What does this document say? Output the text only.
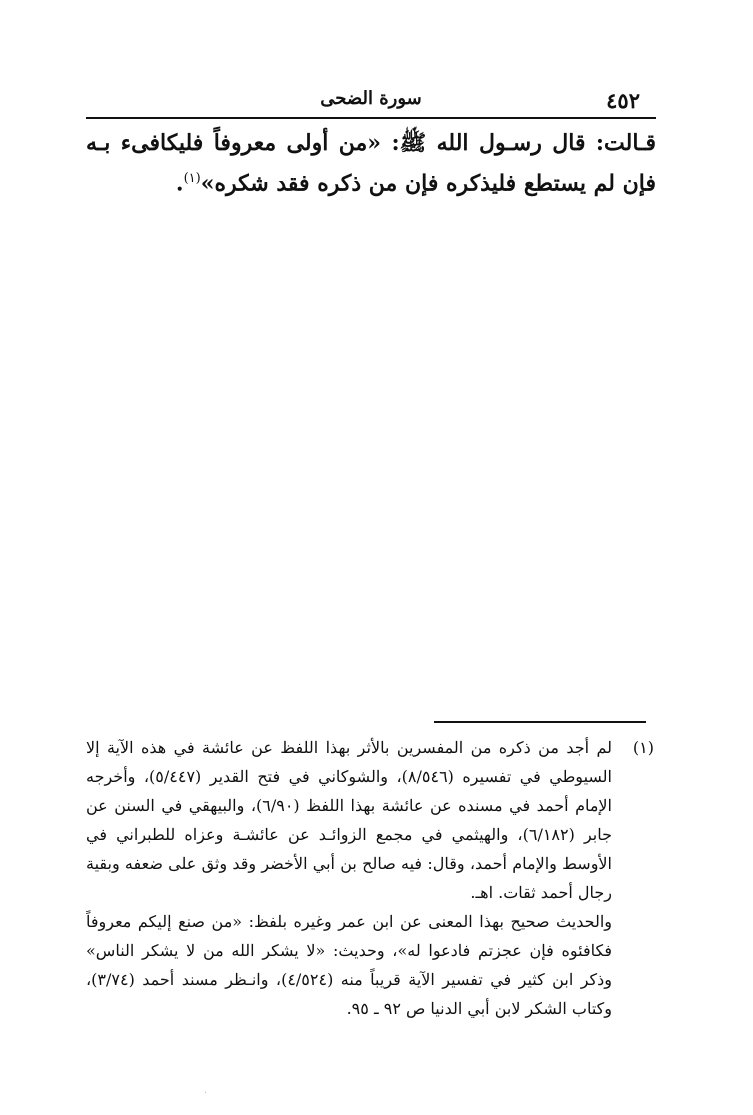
٤٥٢
سورة الضحى
قـالت: قال رسـول الله ﷺ: «من أولى معروفاً فليكافىء بـه فإن لم يستطع فليذكره فإن من ذكره فقد شكره»$^{(١)}$.
(١)

لم أجد من ذكره من المفسرين بالأثر بهذا اللفظ عن عائشة في هذه الآية إلا السيوطي في تفسيره (٨/٥٤٦)، والشوكاني في فتح القدير (٥/٤٤٧)، وأخرجه الإمام أحمد في مسنده عن عائشة بهذا اللفظ (٦/٩٠)، والبيهقي في السنن عن جابر (٦/١٨٢)، والهيثمي في مجمع الزوائـد عن عائشـة وعزاه للطبراني في الأوسط والإمام أحمد، وقال: فيه صالح بن أبي الأخضر وقد وثق على ضعفه وبقية رجال أحمد ثقات. اهـ.

والحديث صحيح بهذا المعنى عن ابن عمر وغيره بلفظ: «من صنع إليكم معروفاً فكافئوه فإن عجزتم فادعوا له»، وحديث: «لا يشكر الله من لا يشكر الناس» وذكر ابن كثير في تفسير الآية قريباً منه (٤/٥٢٤)، وانـظر مسند أحمد (٣/٧٤)، وكتاب الشكر لابن أبي الدنيا ص ٩٢ ـ ٩٥.

·
